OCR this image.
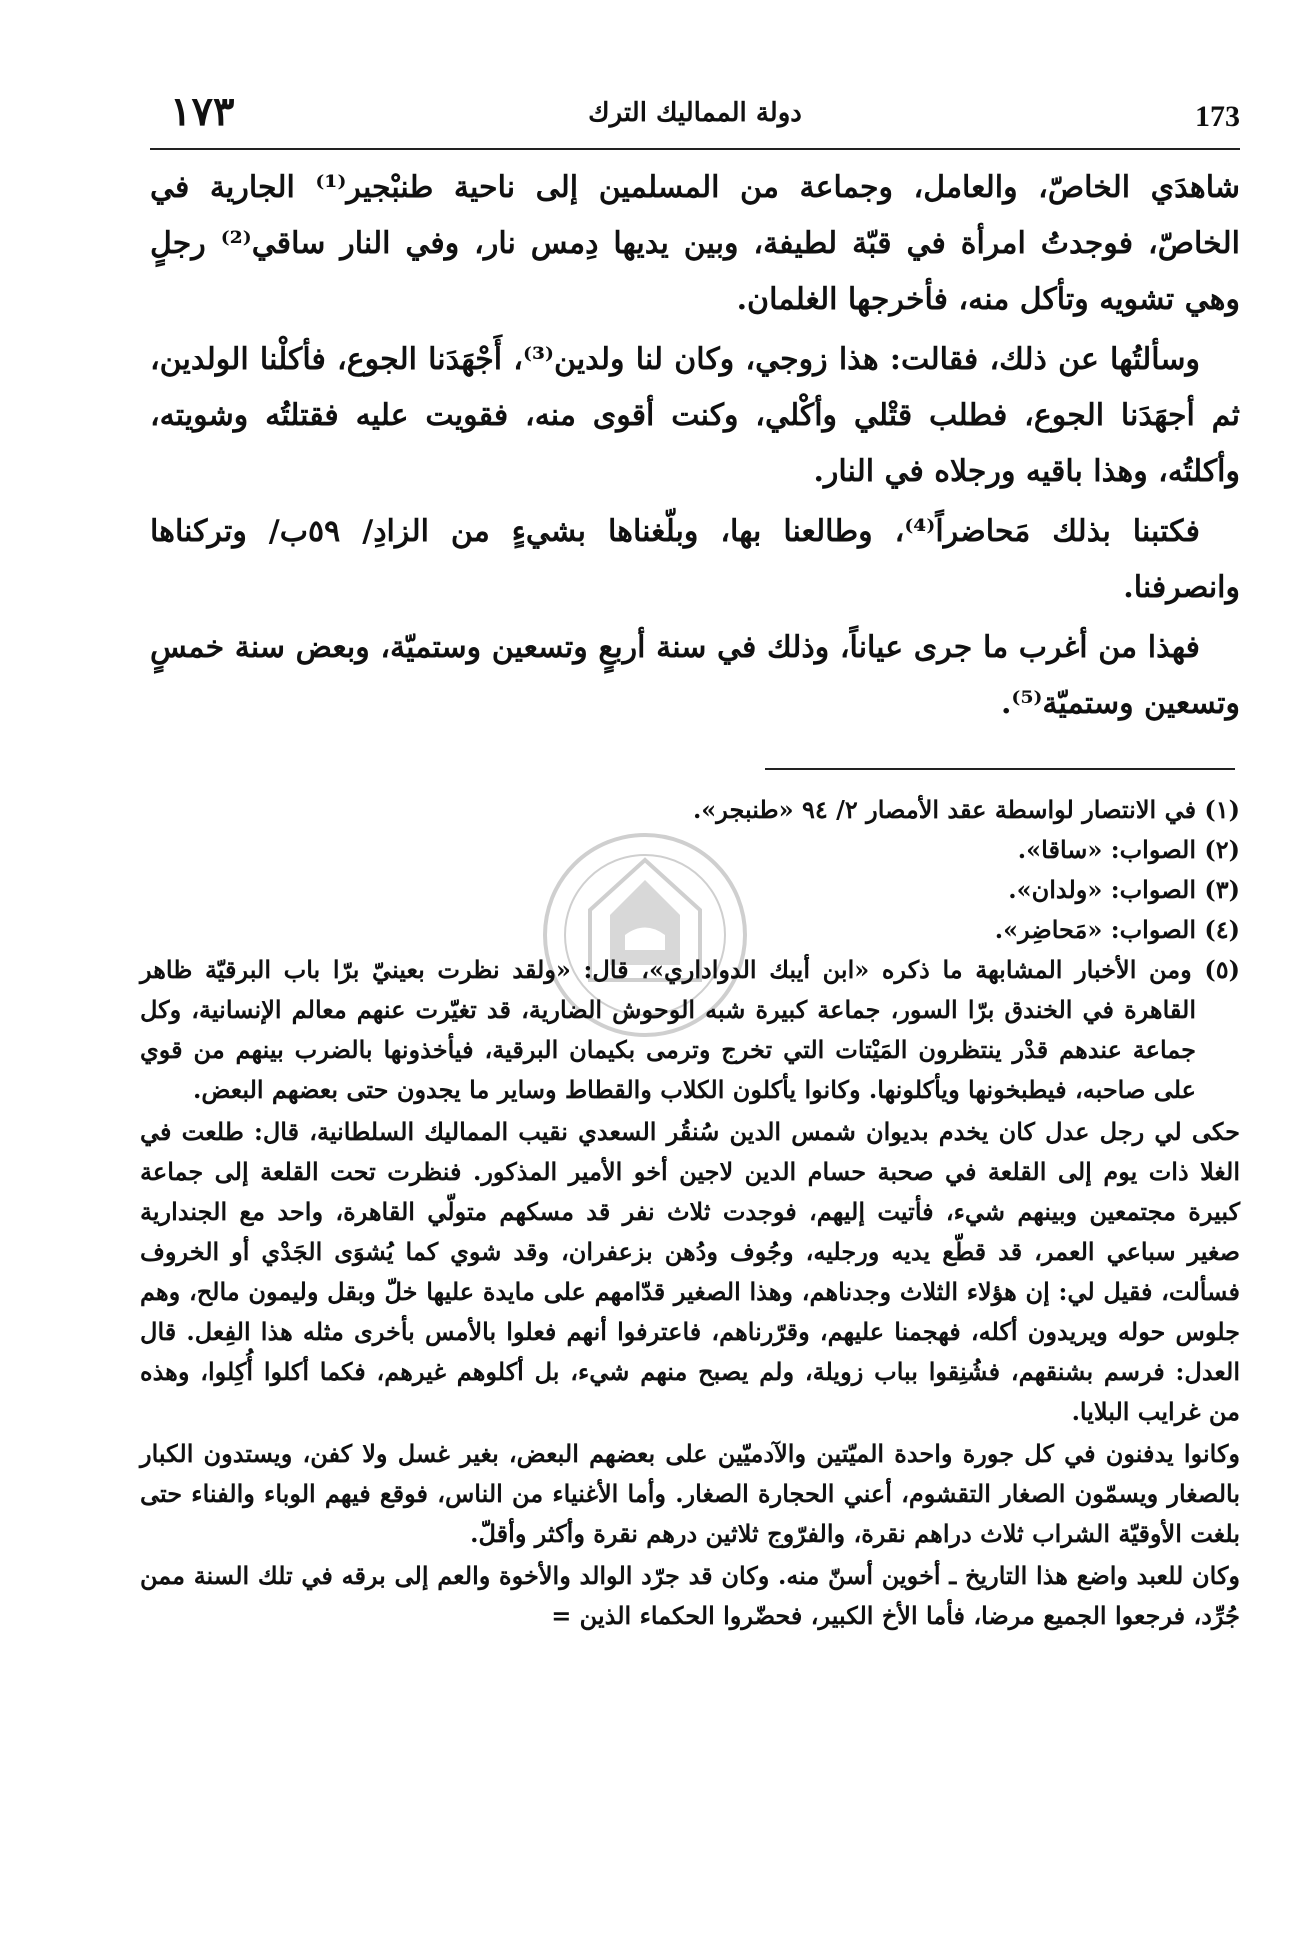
١٧٣	دولة المماليك الترك	173

شاهدَي الخاصّ، والعامل، وجماعة من المسلمين إلى ناحية طنبْجير⁽¹⁾ الجارية في الخاصّ، فوجدتُ امرأة في قبّة لطيفة، وبين يديها دِمس نار، وفي النار ساقي⁽²⁾ رجلٍ وهي تشويه وتأكل منه، فأخرجها الغلمان.

وسألتُها عن ذلك، فقالت: هذا زوجي، وكان لنا ولدين⁽³⁾، أَجْهَدَنا الجوع، فأكلْنا الولدين، ثم أجهَدَنا الجوع، فطلب قتْلي وأكْلي، وكنت أقوى منه، فقويت عليه فقتلتُه وشويته، وأكلتُه، وهذا باقيه ورجلاه في النار.

فكتبنا بذلك مَحاضراً⁽⁴⁾، وطالعنا بها، وبلّغناها بشيءٍ من الزادِ/ ٥٩ب/ وتركناها وانصرفنا.

فهذا من أغرب ما جرى عياناً، وذلك في سنة أربعٍ وتسعين وستميّة، وبعض سنة خمسٍ وتسعين وستميّة⁽⁵⁾.

(١) في الانتصار لواسطة عقد الأمصار ٢/ ٩٤ «طنبجر».

(٢) الصواب: «ساقا».

(٣) الصواب: «ولدان».

(٤) الصواب: «مَحاضِر».

(٥) ومن الأخبار المشابهة ما ذكره «ابن أيبك الدواداري»، قال: «ولقد نظرت بعينيّ برّا باب البرقيّة ظاهر القاهرة في الخندق برّا السور، جماعة كبيرة شبه الوحوش الضارية، قد تغيّرت عنهم معالم الإنسانية، وكل جماعة عندهم قدْر ينتظرون المَيْتات التي تخرج وترمى بكيمان البرقية، فيأخذونها بالضرب بينهم من قوي على صاحبه، فيطبخونها ويأكلونها. وكانوا يأكلون الكلاب والقطاط وساير ما يجدون حتى بعضهم البعض.

حكى لي رجل عدل كان يخدم بديوان شمس الدين سُنقُر السعدي نقيب المماليك السلطانية، قال: طلعت في الغلا ذات يوم إلى القلعة في صحبة حسام الدين لاجين أخو الأمير المذكور. فنظرت تحت القلعة إلى جماعة كبيرة مجتمعين وبينهم شيء، فأتيت إليهم، فوجدت ثلاث نفر قد مسكهم متولّي القاهرة، واحد مع الجندارية صغير سباعي العمر، قد قطّع يديه ورجليه، وجُوف ودُهن بزعفران، وقد شوي كما يُشوَى الجَدْي أو الخروف فسألت، فقيل لي: إن هؤلاء الثلاث وجدناهم، وهذا الصغير قدّامهم على مايدة عليها خلّ وبقل وليمون مالح، وهم جلوس حوله ويريدون أكله، فهجمنا عليهم، وقرّرناهم، فاعترفوا أنهم فعلوا بالأمس بأخرى مثله هذا الفِعل. قال العدل: فرسم بشنقهم، فشُنِقوا بباب زويلة، ولم يصبح منهم شيء، بل أكلوهم غيرهم، فكما أكلوا أُكِلوا، وهذه من غرايب البلايا.

وكانوا يدفنون في كل جورة واحدة الميّتين والآدميّين على بعضهم البعض، بغير غسل ولا كفن، ويستدون الكبار بالصغار ويسمّون الصغار التقشوم، أعني الحجارة الصغار. وأما الأغنياء من الناس، فوقع فيهم الوباء والفناء حتى بلغت الأوقيّة الشراب ثلاث دراهم نقرة، والفرّوج ثلاثين درهم نقرة وأكثر وأقلّ.

وكان للعبد واضع هذا التاريخ ـ أخوين أسنّ منه. وكان قد جرّد الوالد والأخوة والعم إلى برقه في تلك السنة ممن جُرِّد، فرجعوا الجميع مرضا، فأما الأخ الكبير، فحضّروا الحكماء الذين =
